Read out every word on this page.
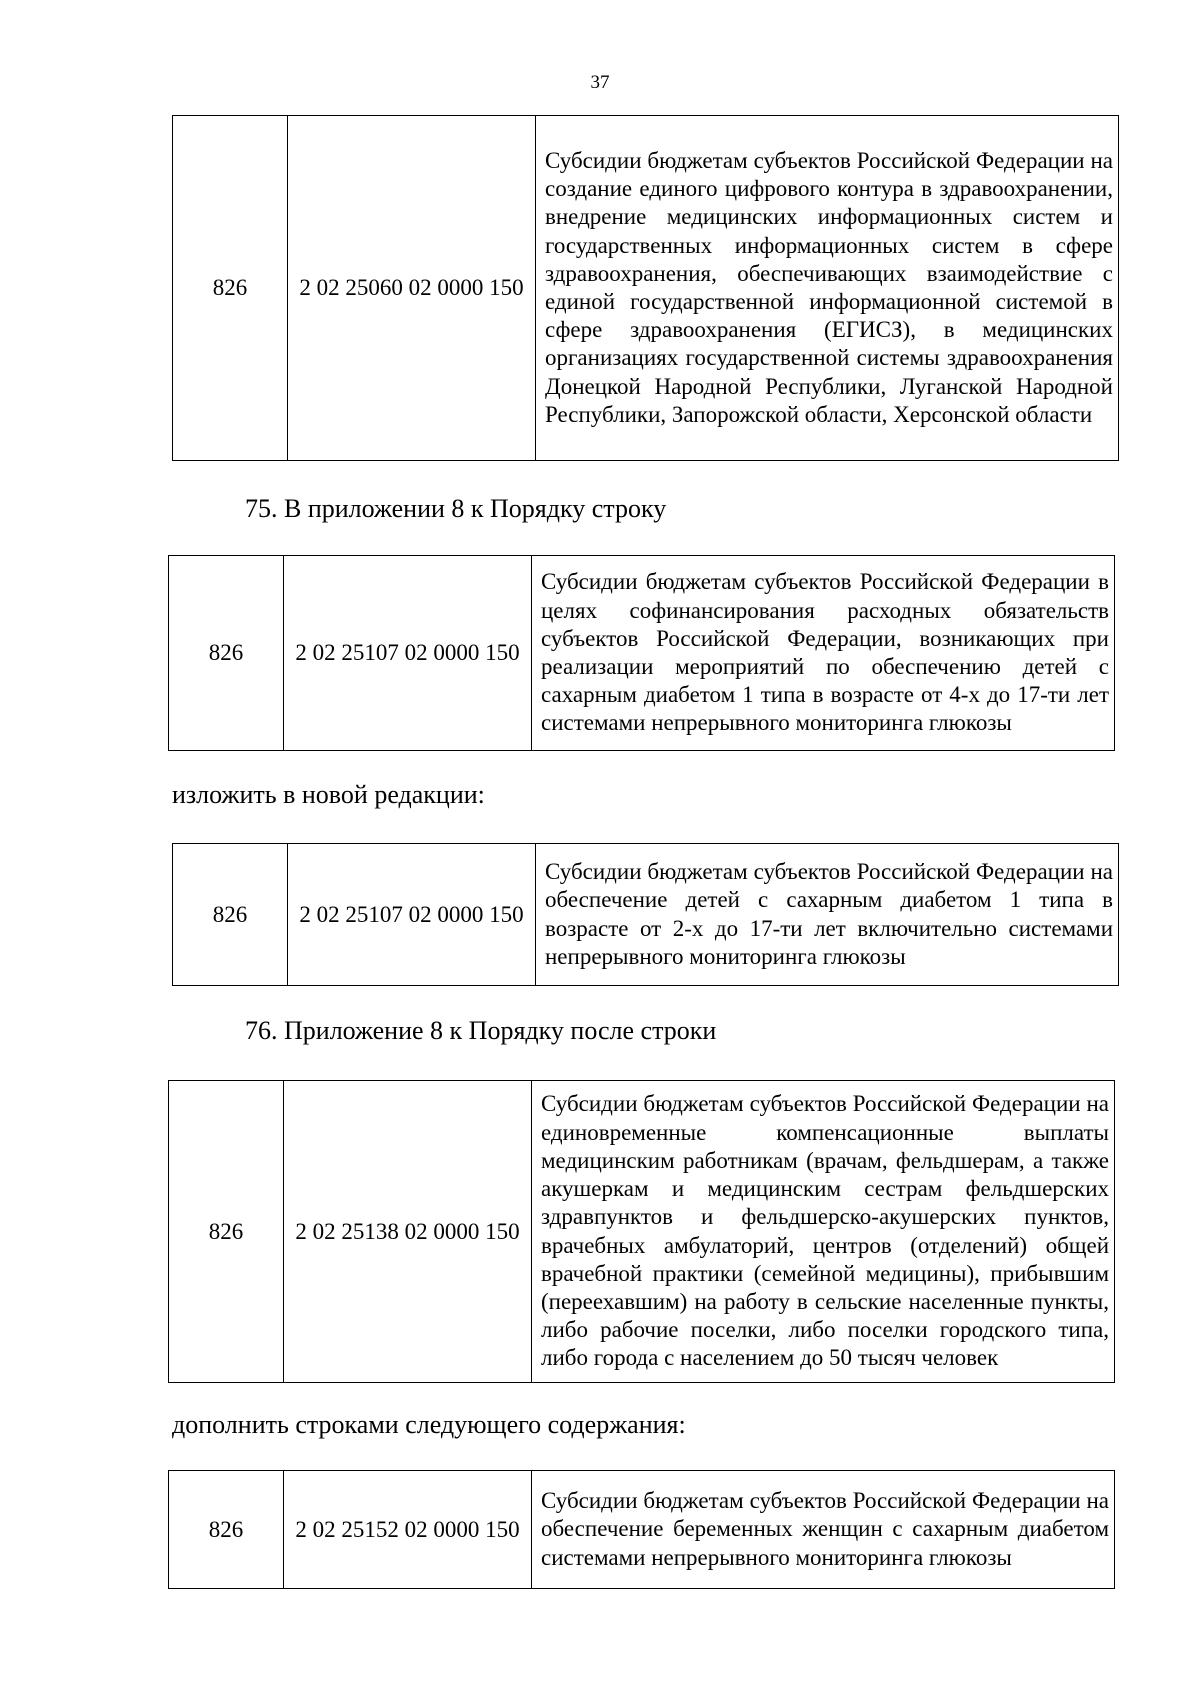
37
826	2 02 25060 02 0000 150	Субсидии бюджетам субъектов Российской Федерации на создание единого цифрового контура в здравоохранении, внедрение медицинских информационных систем и государственных информационных систем в сфере здравоохранения, обеспечивающих взаимодействие с единой государственной информационной системой в сфере здравоохранения (ЕГИСЗ), в медицинских организациях государственной системы здравоохранения Донецкой Народной Республики, Луганской Народной Республики, Запорожской области, Херсонской области
75. В приложении 8 к Порядку строку
826	2 02 25107 02 0000 150	Субсидии бюджетам субъектов Российской Федерации в целях софинансирования расходных обязательств субъектов Российской Федерации, возникающих при реализации мероприятий по обеспечению детей с сахарным диабетом 1 типа в возрасте от 4-х до 17-ти лет системами непрерывного мониторинга глюкозы
изложить в новой редакции:
826	2 02 25107 02 0000 150	Субсидии бюджетам субъектов Российской Федерации на обеспечение детей с сахарным диабетом 1 типа в возрасте от 2-х до 17-ти лет включительно системами непрерывного мониторинга глюкозы
76. Приложение 8 к Порядку после строки
826	2 02 25138 02 0000 150	Субсидии бюджетам субъектов Российской Федерации на единовременные компенсационные выплаты медицинским работникам (врачам, фельдшерам, а также акушеркам и медицинским сестрам фельдшерских здравпунктов и фельдшерско-акушерских пунктов, врачебных амбулаторий, центров (отделений) общей врачебной практики (семейной медицины), прибывшим (переехавшим) на работу в сельские населенные пункты, либо рабочие поселки, либо поселки городского типа, либо города с населением до 50 тысяч человек
дополнить строками следующего содержания:
826	2 02 25152 02 0000 150	Субсидии бюджетам субъектов Российской Федерации на обеспечение беременных женщин с сахарным диабетом системами непрерывного мониторинга глюкозы
